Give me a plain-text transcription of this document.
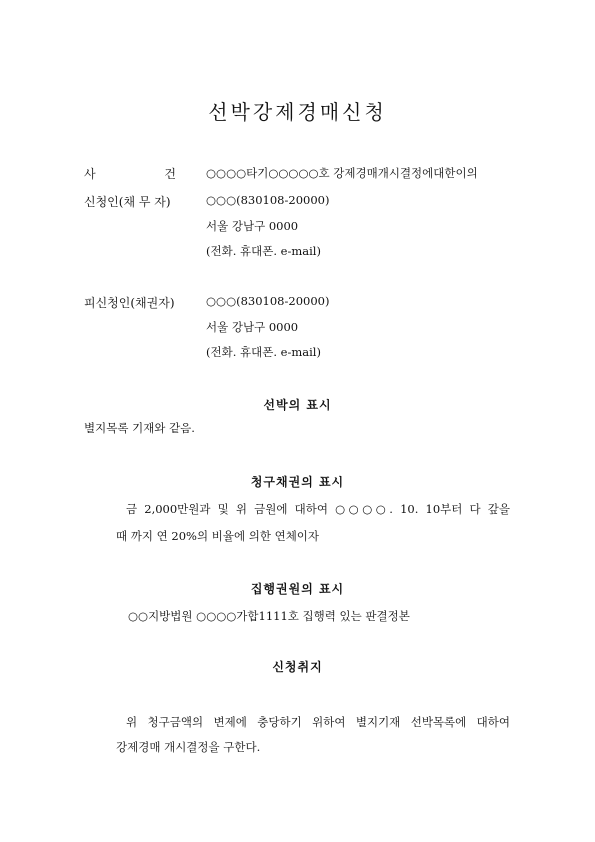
선박강제경매신청
사	건	○○○○타기○○○○○호 강제경매개시결정에대한이의
신청인(채 무 자)	○○○(830108-20000)
서울 강남구 0000
(전화. 휴대폰. e-mail)
피신청인(채권자)	○○○(830108-20000)
서울 강남구 0000
(전화. 휴대폰. e-mail)
선박의 표시
별지목록 기재와 같음.
청구채권의 표시
금 2,000만원과 및 위 금원에 대하여 ○○○○. 10. 10부터 다 갚을
때 까지 연 20%의 비율에 의한 연체이자
집행권원의 표시
○○지방법원 ○○○○가합1111호 집행력 있는 판결정본
신청취지
위 청구금액의 변제에 충당하기 위하여 별지기재 선박목록에 대하여
강제경매 개시결정을 구한다.
